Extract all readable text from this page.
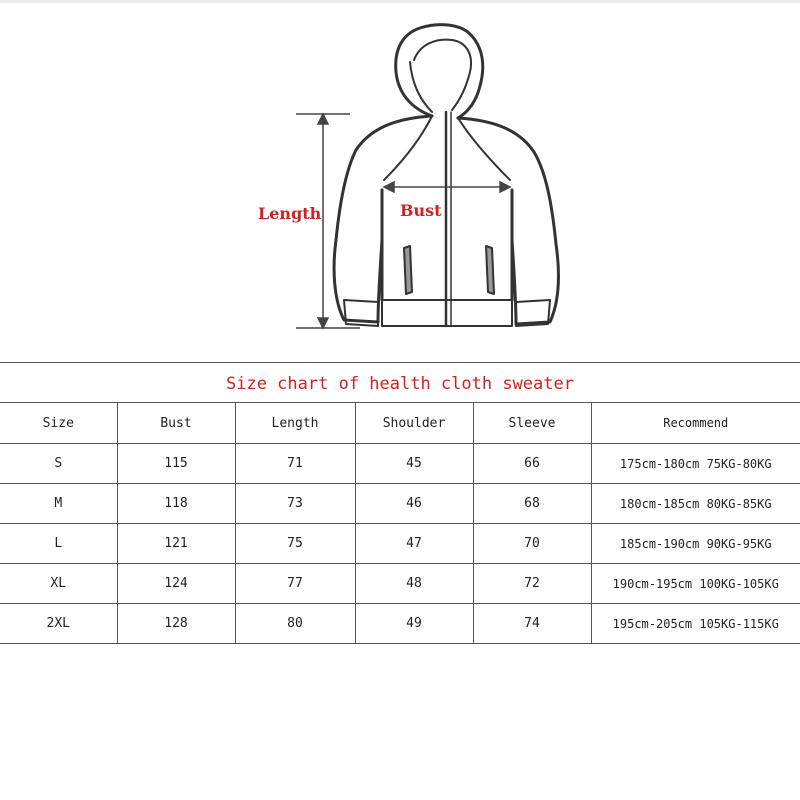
Length	Bust
Size chart of health cloth sweater
Size	Bust	Length	Shoulder	Sleeve	Recommend
S	115	71	45	66	175cm-180cm 75KG-80KG
M	118	73	46	68	180cm-185cm 80KG-85KG
L	121	75	47	70	185cm-190cm 90KG-95KG
XL	124	77	48	72	190cm-195cm 100KG-105KG
2XL	128	80	49	74	195cm-205cm 105KG-115KG
